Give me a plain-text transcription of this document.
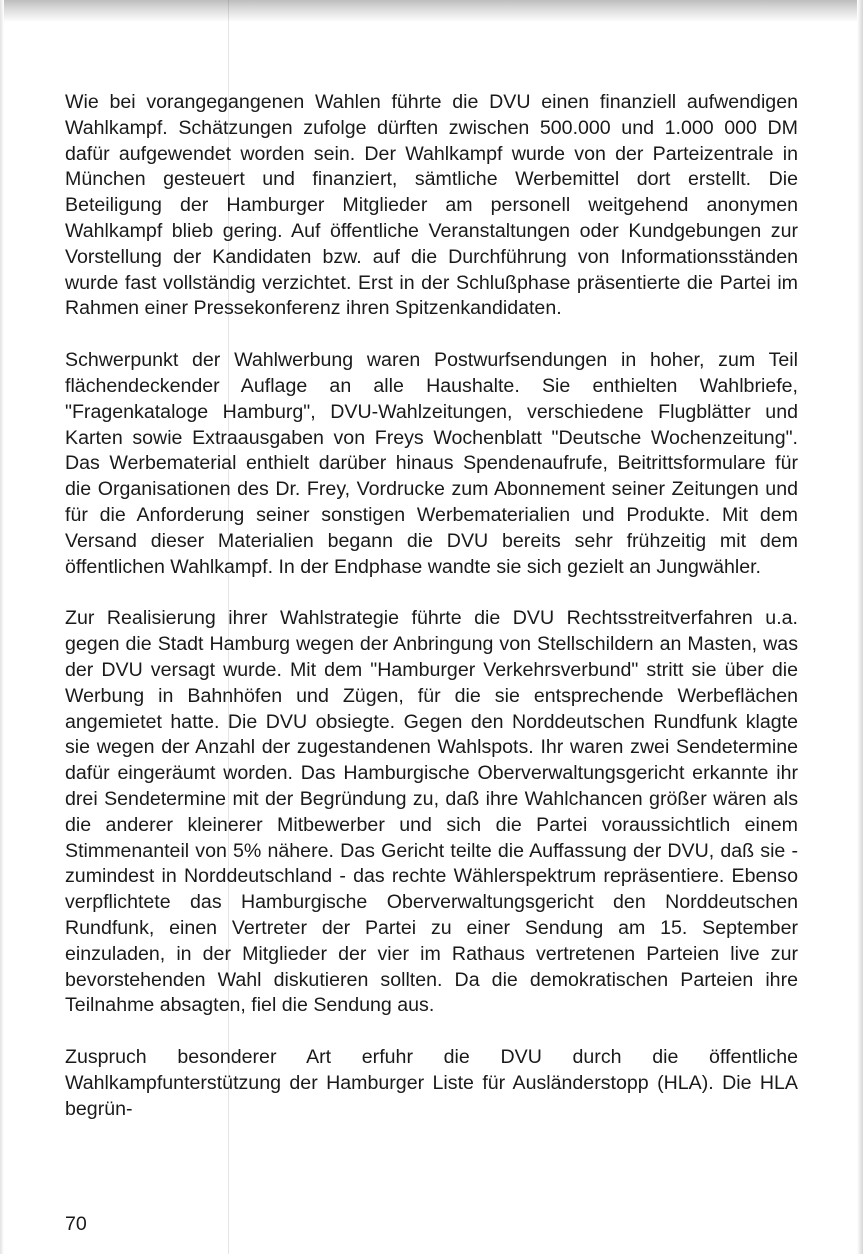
Wie bei vorangegangenen Wahlen führte die DVU einen finanziell aufwendigen Wahlkampf. Schätzungen zufolge dürften zwischen 500.000 und 1.000 000 DM dafür aufgewendet worden sein. Der Wahlkampf wurde von der Parteizentrale in München gesteuert und finanziert, sämtliche Werbemittel dort erstellt. Die Beteiligung der Hamburger Mitglieder am personell weitgehend anonymen Wahlkampf blieb gering. Auf öffentliche Veranstaltungen oder Kundgebungen zur Vorstellung der Kandidaten bzw. auf die Durchführung von Informationsständen wurde fast vollständig verzichtet. Erst in der Schlußphase präsentierte die Partei im Rahmen einer Pressekonferenz ihren Spitzenkandidaten.

Schwerpunkt der Wahlwerbung waren Postwurfsendungen in hoher, zum Teil flächendeckender Auflage an alle Haushalte. Sie enthielten Wahlbriefe, "Fragenkataloge Hamburg", DVU-Wahlzeitungen, verschiedene Flugblätter und Karten sowie Extraausgaben von Freys Wochenblatt "Deutsche Wochenzeitung". Das Werbematerial enthielt darüber hinaus Spendenaufrufe, Beitrittsformulare für die Organisationen des Dr. Frey, Vordrucke zum Abonnement seiner Zeitungen und für die Anforderung seiner sonstigen Werbematerialien und Produkte. Mit dem Versand dieser Materialien begann die DVU bereits sehr frühzeitig mit dem öffentlichen Wahlkampf. In der Endphase wandte sie sich gezielt an Jungwähler.

Zur Realisierung ihrer Wahlstrategie führte die DVU Rechtsstreitverfahren u.a. gegen die Stadt Hamburg wegen der Anbringung von Stellschildern an Masten, was der DVU versagt wurde. Mit dem "Hamburger Verkehrsverbund" stritt sie über die Werbung in Bahnhöfen und Zügen, für die sie entsprechende Werbeflächen angemietet hatte. Die DVU obsiegte. Gegen den Norddeutschen Rundfunk klagte sie wegen der Anzahl der zugestandenen Wahlspots. Ihr waren zwei Sendetermine dafür eingeräumt worden. Das Hamburgische Oberverwaltungsgericht erkannte ihr drei Sendetermine mit der Begründung zu, daß ihre Wahlchancen größer wären als die anderer kleinerer Mitbewerber und sich die Partei voraussichtlich einem Stimmenanteil von 5% nähere. Das Gericht teilte die Auffassung der DVU, daß sie - zumindest in Norddeutschland - das rechte Wählerspektrum repräsentiere. Ebenso verpflichtete das Hamburgische Oberverwaltungsgericht den Norddeutschen Rundfunk, einen Vertreter der Partei zu einer Sendung am 15. September einzuladen, in der Mitglieder der vier im Rathaus vertretenen Parteien live zur bevorstehenden Wahl diskutieren sollten. Da die demokratischen Parteien ihre Teilnahme absagten, fiel die Sendung aus.

Zuspruch besonderer Art erfuhr die DVU durch die öffentliche Wahlkampfunterstützung der Hamburger Liste für Ausländerstopp (HLA). Die HLA begrün-

70
